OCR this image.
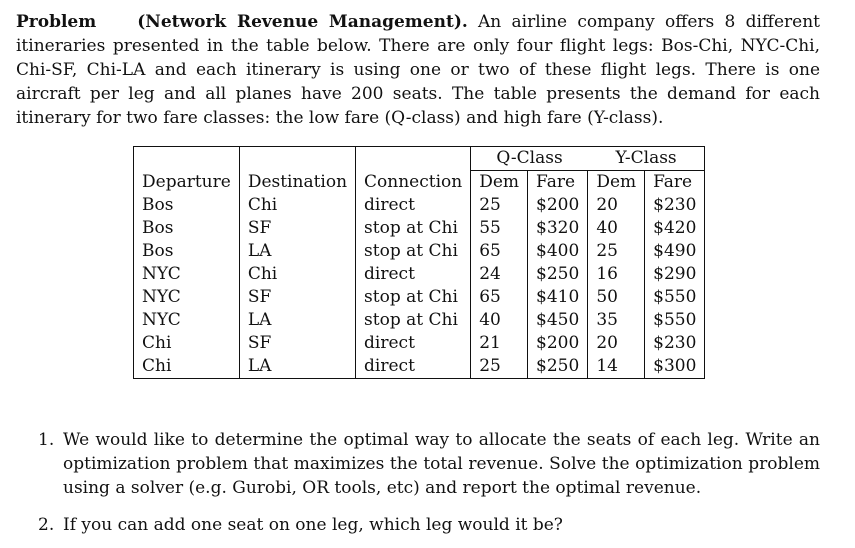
Problem (Network Revenue Management). An airline company offers 8 different itineraries presented in the table below. There are only four flight legs: Bos-Chi, NYC-Chi, Chi-SF, Chi-LA and each itinerary is using one or two of these flight legs. There is one aircraft per leg and all planes have 200 seats. The table presents the demand for each itinerary for two fare classes: the low fare (Q-class) and high fare (Y-class).
			Q-Class		Y-Class	
Departure	Destination	Connection	Dem	Fare	Dem	Fare
Bos	Chi	direct	25	$200	20	$230
Bos	SF	stop at Chi	55	$320	40	$420
Bos	LA	stop at Chi	65	$400	25	$490
NYC	Chi	direct	24	$250	16	$290
NYC	SF	stop at Chi	65	$410	50	$550
NYC	LA	stop at Chi	40	$450	35	$550
Chi	SF	direct	21	$200	20	$230
Chi	LA	direct	25	$250	14	$300
1. We would like to determine the optimal way to allocate the seats of each leg. Write an optimization problem that maximizes the total revenue. Solve the optimization problem using a solver (e.g. Gurobi, OR tools, etc) and report the optimal revenue.
2. If you can add one seat on one leg, which leg would it be?
